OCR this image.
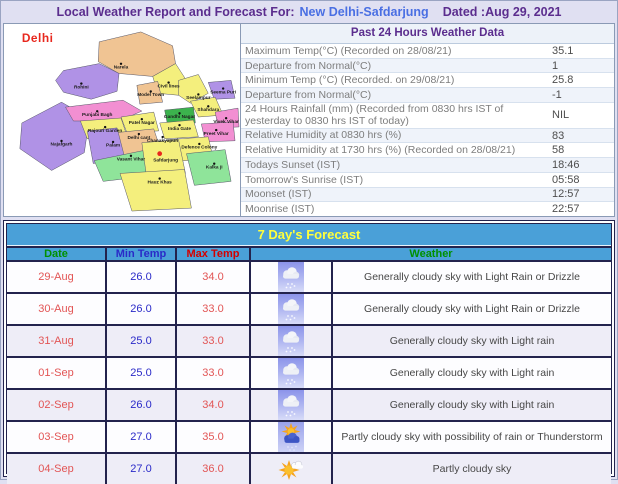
Local Weather Report and Forecast For: New Delhi-Safdarjung Dated :Aug 29, 2021
Delhi
Narela
Rohini	Civil lines
Model Town
Seelampur
Seema Puri
Shahdara
Vivek Vihar
Preet Vihar
Gandhi Nagar
Punjabi Bagh
Patel Nagar
Rajouri Garden
Delhi cant
India Gate
Chanakyapuri
Defence Colony
Najafgarh	Palam
Vasant Vihar Safdarjung
Kalka ji
Hauz Khas
Past 24 Hours Weather Data
Maximum Temp(°C) (Recorded on 28/08/21)	35.1
Departure from Normal(°C)	1
Minimum Temp (°C) (Recorded. on 29/08/21)	25.8
Departure from Normal(°C)	-1
24 Hours Rainfall (mm) (Recorded from 0830 hrs IST of yesterday to 0830 hrs IST of today)	NIL
Relative Humidity at 0830 hrs (%)	83
Relative Humidity at 1730 hrs (%) (Recorded on 28/08/21)	58
Todays Sunset (IST)	18:46
Tomorrow's Sunrise (IST)	05:58
Moonset (IST)	12:57
Moonrise (IST)	22:57
7 Day's Forecast
Date	Min Temp	Max Temp	Weather
29-Aug	26.0	34.0	Generally cloudy sky with Light Rain or Drizzle
30-Aug	26.0	33.0	Generally cloudy sky with Light Rain or Drizzle
31-Aug	25.0	33.0	Generally cloudy sky with Light rain
01-Sep	25.0	33.0	Generally cloudy sky with Light rain
02-Sep	26.0	34.0	Generally cloudy sky with Light rain
03-Sep	27.0	35.0	Partly cloudy sky with possibility of rain or Thunderstorm
04-Sep	27.0	36.0	Partly cloudy sky
